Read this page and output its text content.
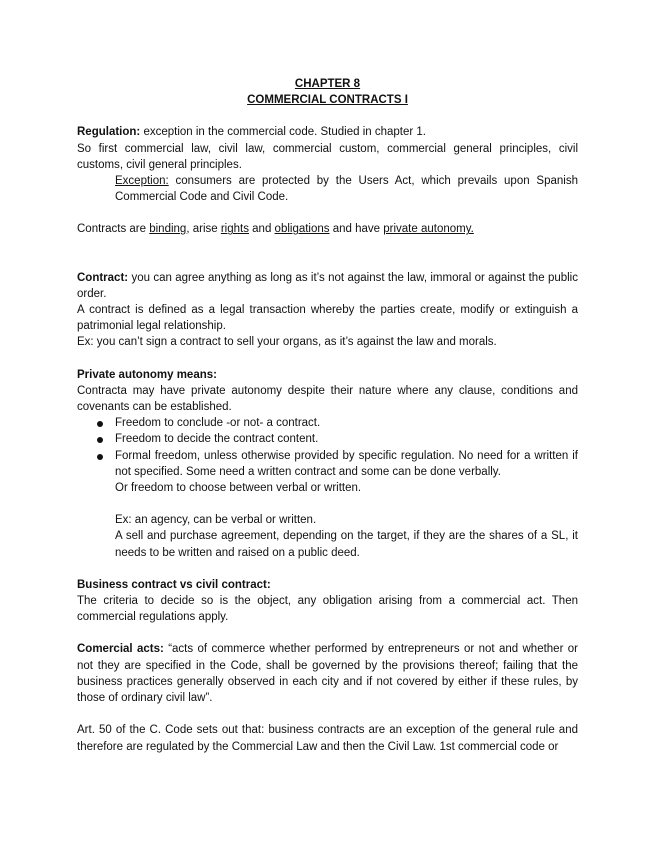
CHAPTER 8

COMMERCIAL CONTRACTS I

Regulation: exception in the commercial code. Studied in chapter 1.

So first commercial law, civil law, commercial custom, commercial general principles, civil customs, civil general principles.

Exception: consumers are protected by the Users Act, which prevails upon Spanish Commercial Code and Civil Code.

Contracts are binding, arise rights and obligations and have private autonomy.

Contract: you can agree anything as long as it’s not against the law, immoral or against the public order.

A contract is defined as a legal transaction whereby the parties create, modify or extinguish a patrimonial legal relationship.

Ex: you can’t sign a contract to sell your organs, as it’s against the law and morals.

Private autonomy means:

Contracta may have private autonomy despite their nature where any clause, conditions and covenants can be established.

Freedom to conclude -or not- a contract.
Freedom to decide the contract content.
Formal freedom, unless otherwise provided by specific regulation. No need for a written if not specified. Some need a written contract and some can be done verbally.

Or freedom to choose between verbal or written.

Ex: an agency, can be verbal or written.

A sell and purchase agreement, depending on the target, if they are the shares of a SL, it needs to be written and raised on a public deed.

Business contract vs civil contract:

The criteria to decide so is the object, any obligation arising from a commercial act. Then commercial regulations apply.

Comercial acts: “acts of commerce whether performed by entrepreneurs or not and whether or not they are specified in the Code, shall be governed by the provisions thereof; failing that the business practices generally observed in each city and if not covered by either if these rules, by those of ordinary civil law”.

Art. 50 of the C. Code sets out that: business contracts are an exception of the general rule and therefore are regulated by the Commercial Law and then the Civil Law. 1st commercial code or
